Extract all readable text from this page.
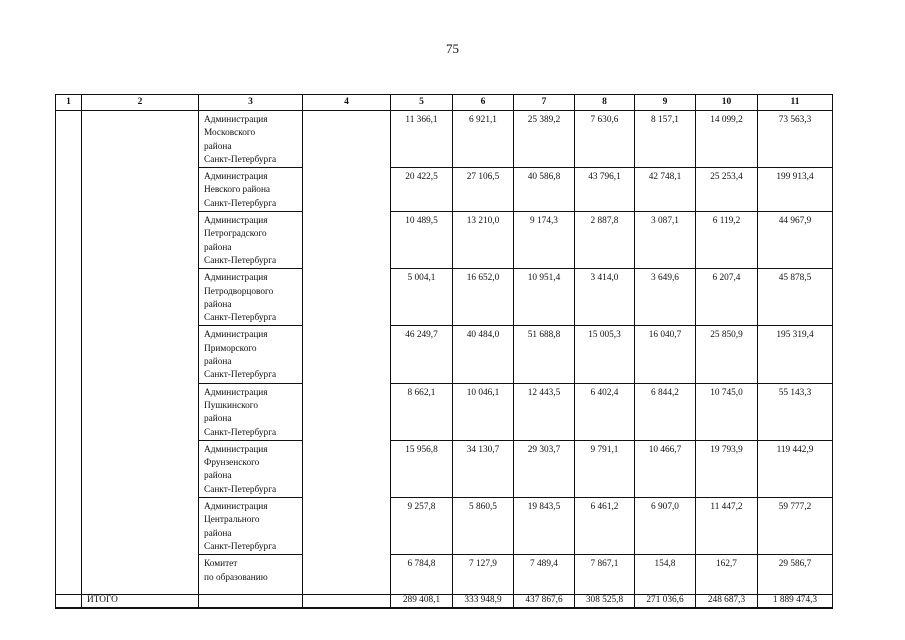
75
1	2	3	4	5	6	7	8	9	10	11

		Администрация
Московского
района
Санкт-Петербурга		11 366,1	6 921,1	25 389,2	7 630,6	8 157,1	14 099,2	73 563,3

		Администрация
Невского района
Санкт-Петербурга		20 422,5	27 106,5	40 586,8	43 796,1	42 748,1	25 253,4	199 913,4

		Администрация
Петроградского
района
Санкт-Петербурга		10 489,5	13 210,0	9 174,3	2 887,8	3 087,1	6 119,2	44 967,9

		Администрация
Петродворцового
района
Санкт-Петербурга		5 004,1	16 652,0	10 951,4	3 414,0	3 649,6	6 207,4	45 878,5

		Администрация
Приморского
района
Санкт-Петербурга		46 249,7	40 484,0	51 688,8	15 005,3	16 040,7	25 850,9	195 319,4

		Администрация
Пушкинского
района
Санкт-Петербурга		8 662,1	10 046,1	12 443,5	6 402,4	6 844,2	10 745,0	55 143,3

		Администрация
Фрунзенского
района
Санкт-Петербурга		15 956,8	34 130,7	29 303,7	9 791,1	10 466,7	19 793,9	119 442,9

		Администрация
Центрального
района
Санкт-Петербурга		9 257,8	5 860,5	19 843,5	6 461,2	6 907,0	11 447,2	59 777,2

		Комитет
по образованию		6 784,8	7 127,9	7 489,4	7 867,1	154,8	162,7	29 586,7
	ИТОГО			289 408,1	333 948,9	437 867,6	308 525,8	271 036,6	248 687,3	1 889 474,3
